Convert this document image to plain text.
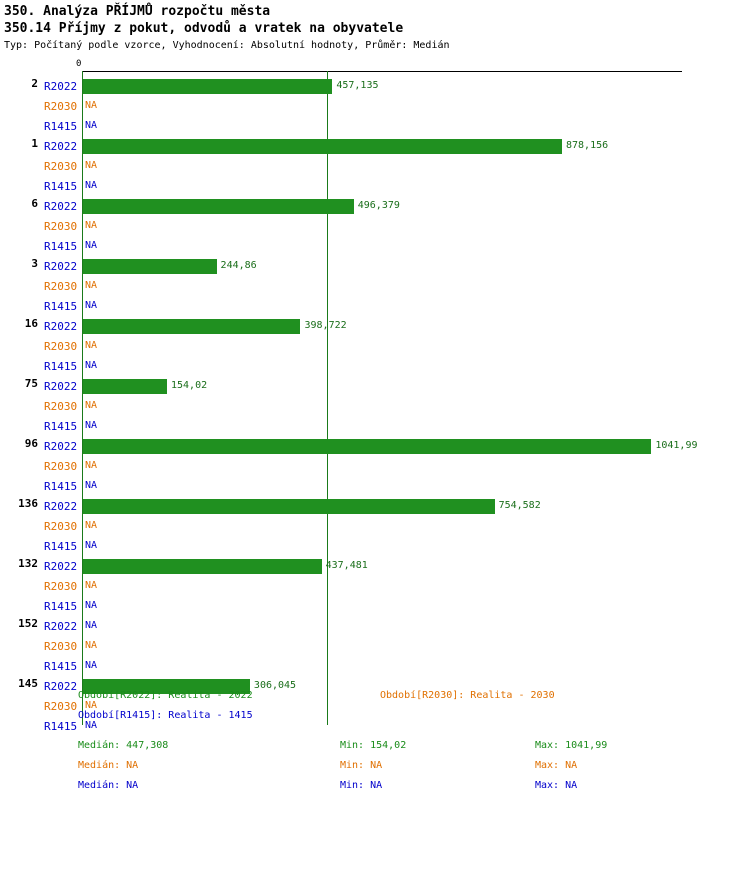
350. Analýza PŘÍJMŮ rozpočtu města
350.14 Příjmy z pokut, odvodů a vratek na obyvatele
Typ: Počítaný podle vzorce, Vyhodnocení: Absolutní hodnoty, Průměr: Medián
0
2 R2022	457,135
R2030 NA
R1415 NA
1 R2022	878,156
R2030 NA
R1415 NA
6 R2022	496,379
R2030 NA
R1415 NA
3 R2022	244,86
R2030 NA
R1415 NA
16 R2022	398,722
R2030 NA
R1415 NA
75 R2022	154,02
R2030 NA
R1415 NA
96 R2022	1041,99
R2030 NA
R1415 NA
136 R2022	754,582
R2030 NA
R1415 NA
132 R2022	437,481
R2030 NA
R1415 NA
152 R2022 NA
R2030 NA
R1415 NA
145 R2022	306,045
R2030 NA
R1415 NA
Období[R2022]: Realita - 2022	Období[R2030]: Realita - 2030
Období[R1415]: Realita - 1415
Medián: 447,308	Min: 154,02	Max: 1041,99
Medián: NA	Min: NA	Max: NA
Medián: NA	Min: NA	Max: NA
